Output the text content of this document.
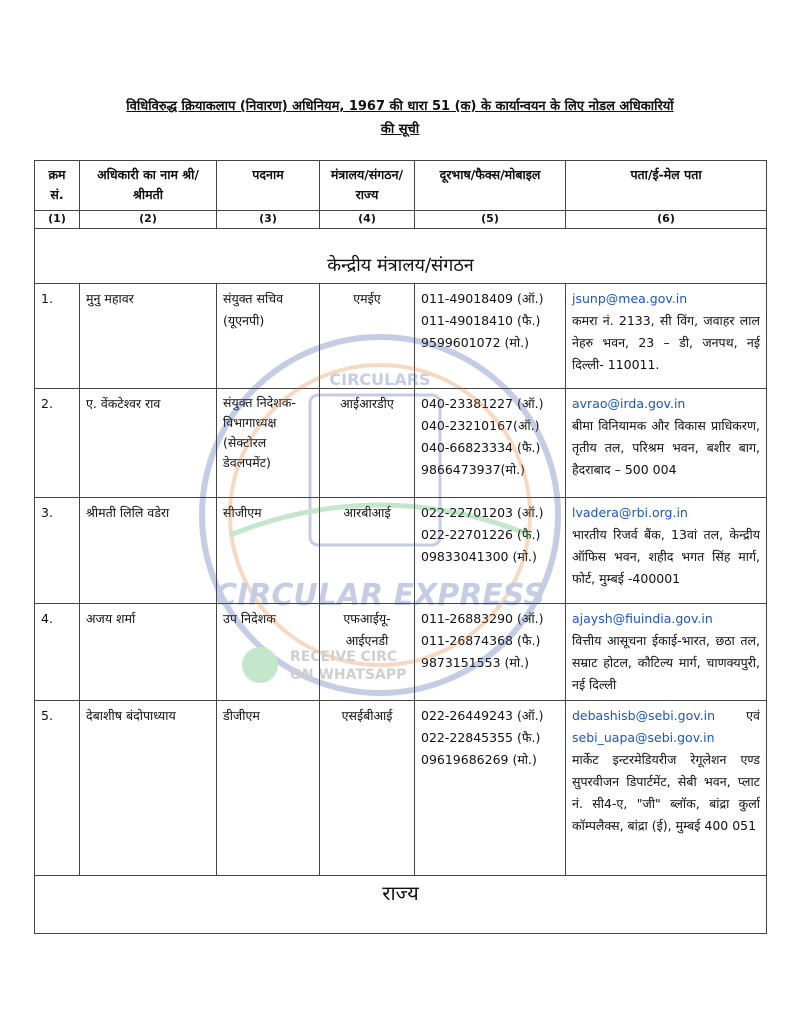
विधिविरुद्ध क्रियाकलाप (निवारण) अधिनियम, 1967 की धारा 51 (क) के कार्यान्वयन के लिए नोडल अधिकारियों
की सूची
क्रम सं.	अधिकारी का नाम श्री/श्रीमती	पदनाम	मंत्रालय/संगठन/ राज्य	दूरभाष/फैक्स/मोबाइल	पता/ई-मेल पता
(1)	(2)	(3)	(4)	(5)	(6)
केन्द्रीय मंत्रालय/संगठन					
1.	मुनु महावर	संयुक्त सचिव (यूएनपी)	एमईए	011-49018409 (ऑ.)
011-49018410 (फै.)
9599601072 (मो.)	jsunp@mea.gov.in
कमरा नं. 2133, सी विंग, जवाहर लाल नेहरु भवन, 23 – डी, जनपथ, नई दिल्ली- 110011.
2.	ए. वेंकटेश्वर राव	संयुक्त निदेशक-विभागाध्यक्ष (सेक्टोरल डेवलपमेंट)	आईआरडीए	040-23381227 (ऑ.)
040-23210167(ऑ.)
040-66823334 (फै.)
9866473937(मो.)	avrao@irda.gov.in
बीमा विनियामक और विकास प्राधिकरण, तृतीय तल, परिश्रम भवन, बशीर बाग, हैदराबाद – 500 004
3.	श्रीमती लिलि वडेरा	सीजीएम	आरबीआई	022-22701203 (ऑ.)
022-22701226 (फै.)
09833041300 (मो.)	lvadera@rbi.org.in
भारतीय रिजर्व बैंक, 13वां तल, केन्द्रीय ऑफिस भवन, शहीद भगत सिंह मार्ग, फोर्ट, मुम्बई -400001
4.	अजय शर्मा	उप निदेशक	एफआईयू-आईएनडी	011-26883290 (ऑ.)
011-26874368 (फै.)
9873151553 (मो.)	ajaysh@fiuindia.gov.in
वित्तीय आसूचना ईकाई-भारत, छठा तल, सम्राट होटल, कौटिल्य मार्ग, चाणक्यपुरी, नई दिल्ली
5.	देबाशीष बंदोपाध्याय	डीजीएम	एसईबीआई	022-26449243 (ऑ.)
022-22845355 (फै.)
09619686269 (मो.)	debashisb@sebi.gov.in एवं
sebi_uapa@sebi.gov.in
मार्केट इन्टरमेडियरीज रेगूलेशन एण्ड सुपरवीजन डिपार्टमेंट, सेबी भवन, प्लाट नं. सी4-ए, "जी" ब्लॉक, बांद्रा कुर्ला कॉम्पलैक्स, बांद्रा (ई), मुम्बई 400 051
राज्य					
CIRCULARS
CIRCULAR EXPRESS
RECEIVE CIRC
ON WHATSAPP
